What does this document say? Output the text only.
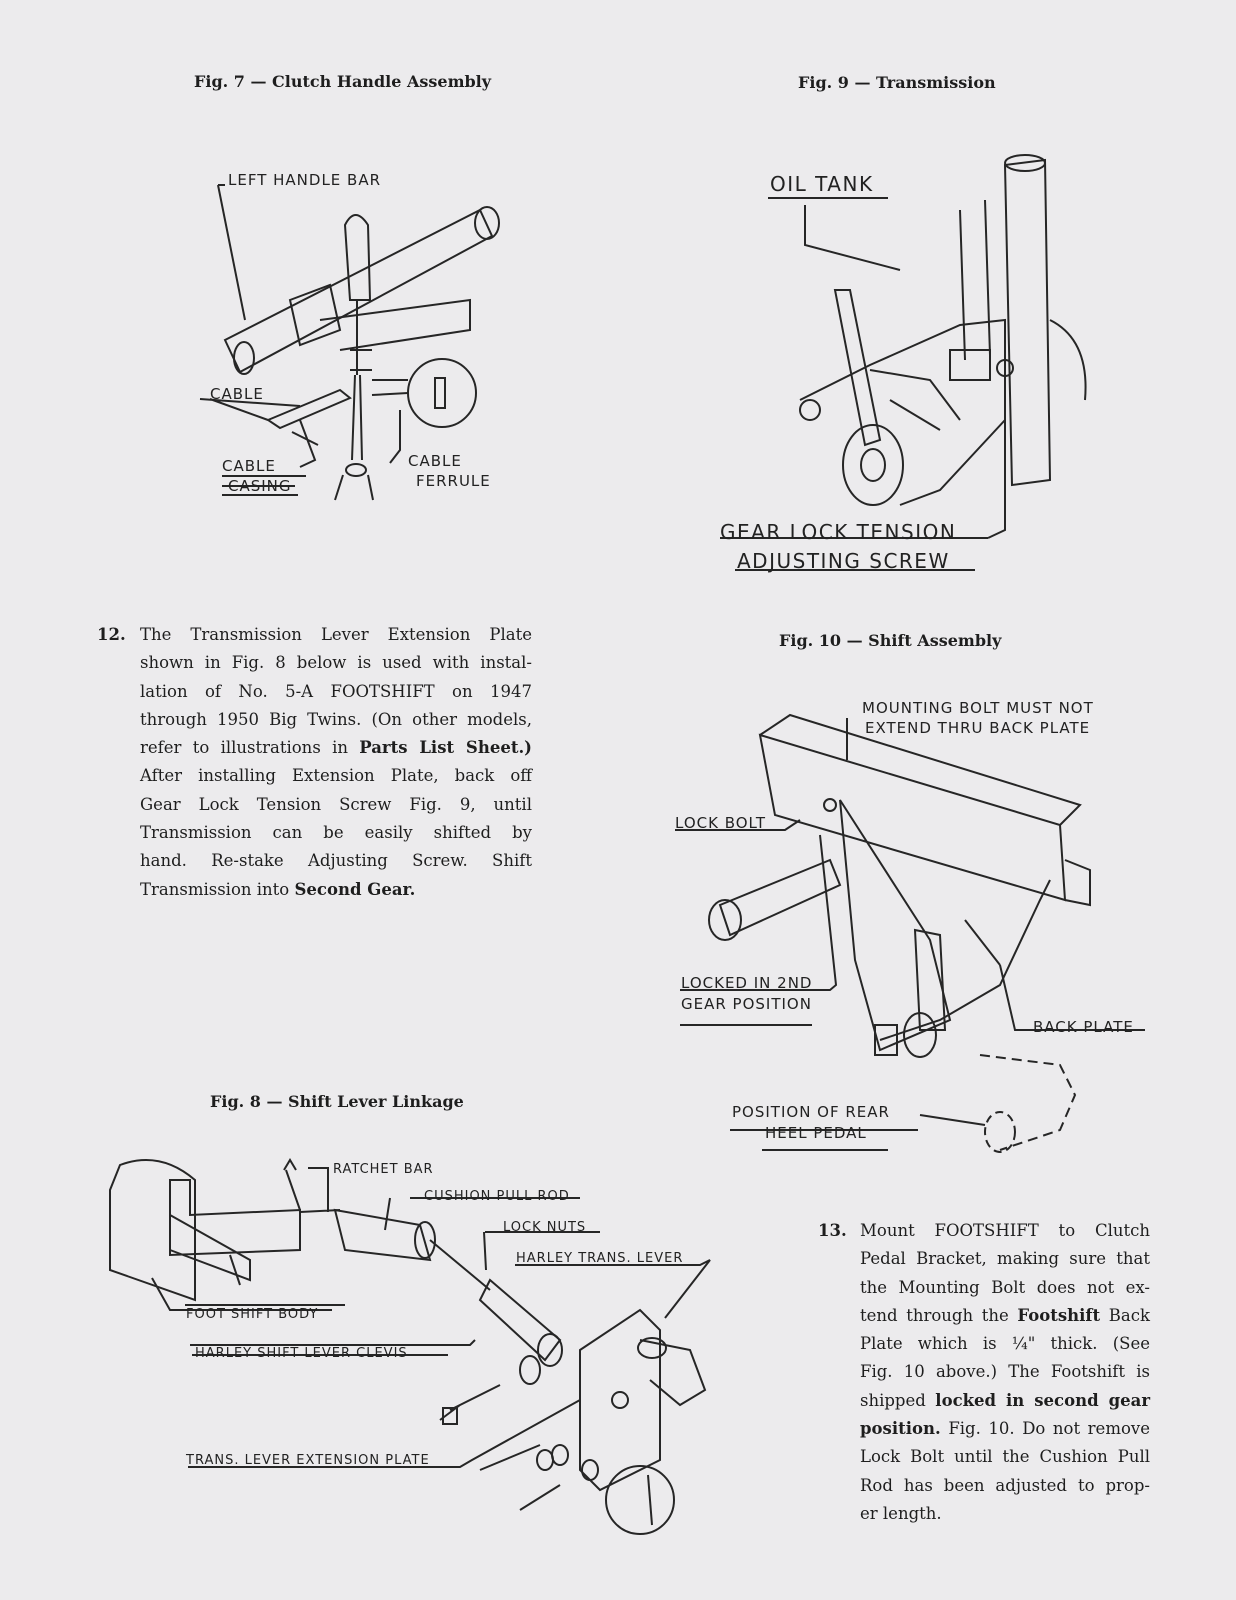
Fig. 7 — Clutch Handle Assembly	Fig. 9 — Transmission
Fig. 10 — Shift Assembly
Fig. 8 — Shift Lever Linkage
LEFT HANDLE BAR
CABLE
CABLE
CASING
CABLE
FERRULE
OIL TANK
GEAR LOCK TENSION
ADJUSTING SCREW
MOUNTING BOLT MUST NOT
EXTEND THRU BACK PLATE
LOCK BOLT
LOCKED IN 2ND
GEAR POSITION
BACK PLATE
POSITION OF REAR
HEEL PEDAL
RATCHET BAR
CUSHION PULL ROD
LOCK NUTS
HARLEY TRANS. LEVER
FOOT SHIFT BODY
HARLEY SHIFT LEVER CLEVIS
TRANS. LEVER EXTENSION PLATE
12. The Transmission Lever Extension Plate
shown in Fig. 8 below is used with instal-
lation of No. 5-A FOOTSHIFT on 1947
through 1950 Big Twins. (On other models,
refer to illustrations in Parts List Sheet.)
After installing Extension Plate, back off
Gear Lock Tension Screw Fig. 9, until
Transmission can be easily shifted by
hand. Re-stake Adjusting Screw. Shift
Transmission into Second Gear.
13. Mount FOOTSHIFT to Clutch
Pedal Bracket, making sure that
the Mounting Bolt does not ex-
tend through the Footshift Back
Plate which is ¼" thick. (See
Fig. 10 above.) The Footshift is
shipped locked in second gear
position. Fig. 10. Do not remove
Lock Bolt until the Cushion Pull
Rod has been adjusted to prop-
er length.
